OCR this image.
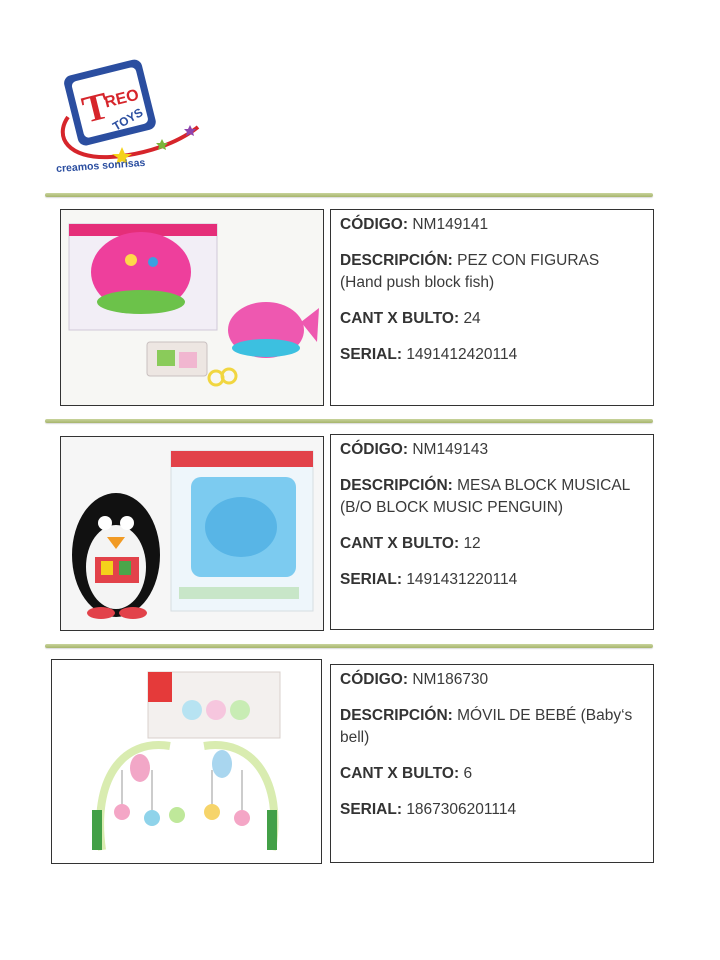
T
REO
TOYS
creamos sonrisas

CÓDIGO: NM149141

DESCRIPCIÓN: PEZ CON FIGURAS (Hand push block fish)

CANT X BULTO: 24

SERIAL: 1491412420114

CÓDIGO: NM149143

DESCRIPCIÓN: MESA BLOCK MUSICAL (B/O BLOCK MUSIC PENGUIN)

CANT X BULTO: 12

SERIAL: 1491431220114

CÓDIGO: NM186730

DESCRIPCIÓN: MÓVIL DE BEBÉ (Baby‘s bell)

CANT X BULTO: 6

SERIAL: 1867306201114
